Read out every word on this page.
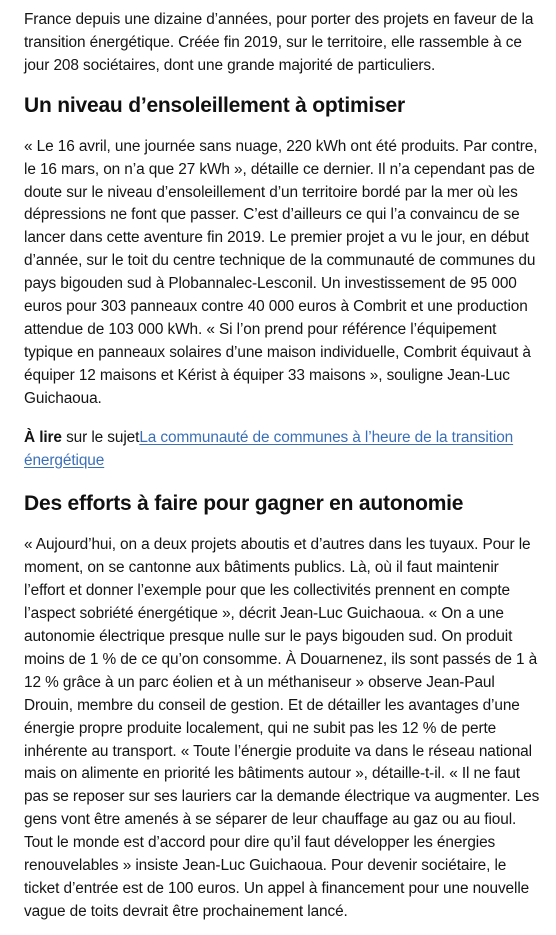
France depuis une dizaine d’années, pour porter des projets en faveur de la transition énergétique. Créée fin 2019, sur le territoire, elle rassemble à ce jour 208 sociétaires, dont une grande majorité de particuliers.

Un niveau d’ensoleillement à optimiser

« Le 16 avril, une journée sans nuage, 220 kWh ont été produits. Par contre, le 16 mars, on n’a que 27 kWh », détaille ce dernier. Il n’a cependant pas de doute sur le niveau d’ensoleillement d’un territoire bordé par la mer où les dépressions ne font que passer. C’est d’ailleurs ce qui l’a convaincu de se lancer dans cette aventure fin 2019. Le premier projet a vu le jour, en début d’année, sur le toit du centre technique de la communauté de communes du pays bigouden sud à Plobannalec-Lesconil. Un investissement de 95 000 euros pour 303 panneaux contre 40 000 euros à Combrit et une production attendue de 103 000 kWh. « Si l’on prend pour référence l’équipement typique en panneaux solaires d’une maison individuelle, Combrit équivaut à équiper 12 maisons et Kérist à équiper 33 maisons », souligne Jean-Luc Guichaoua.

À lire sur le sujetLa communauté de communes à l’heure de la transition énergétique

Des efforts à faire pour gagner en autonomie

« Aujourd’hui, on a deux projets aboutis et d’autres dans les tuyaux. Pour le moment, on se cantonne aux bâtiments publics. Là, où il faut maintenir l’effort et donner l’exemple pour que les collectivités prennent en compte l’aspect sobriété énergétique », décrit Jean-Luc Guichaoua. « On a une autonomie électrique presque nulle sur le pays bigouden sud. On produit moins de 1 % de ce qu’on consomme. À Douarnenez, ils sont passés de 1 à 12 % grâce à un parc éolien et à un méthaniseur » observe Jean-Paul Drouin, membre du conseil de gestion. Et de détailler les avantages d’une énergie propre produite localement, qui ne subit pas les 12 % de perte inhérente au transport. « Toute l’énergie produite va dans le réseau national mais on alimente en priorité les bâtiments autour », détaille-t-il. « Il ne faut pas se reposer sur ses lauriers car la demande électrique va augmenter. Les gens vont être amenés à se séparer de leur chauffage au gaz ou au fioul. Tout le monde est d’accord pour dire qu’il faut développer les énergies renouvelables » insiste Jean-Luc Guichaoua. Pour devenir sociétaire, le ticket d’entrée est de 100 euros. Un appel à financement pour une nouvelle vague de toits devrait être prochainement lancé.
